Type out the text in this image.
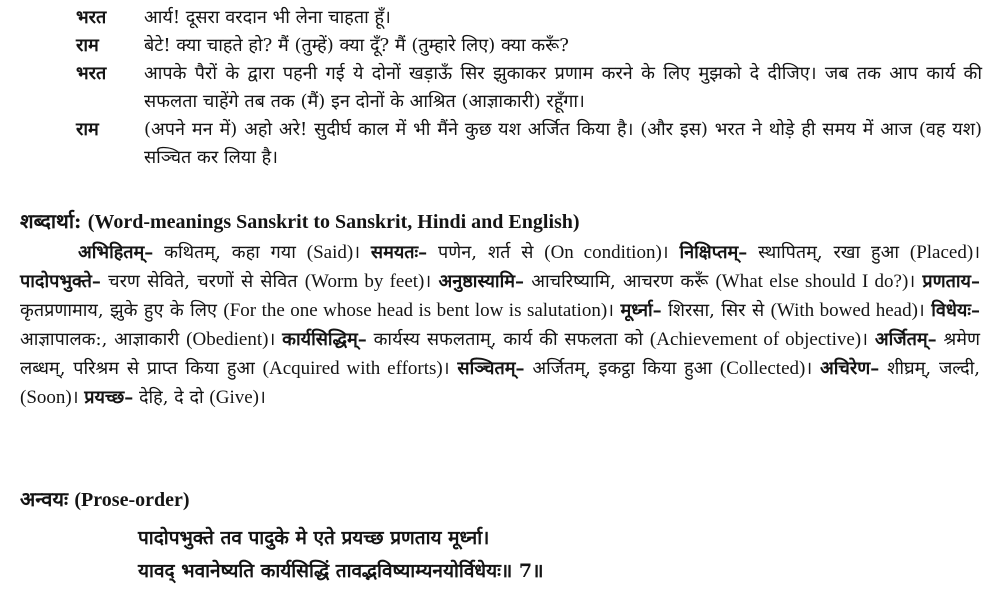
भरत आर्य! दूसरा वरदान भी लेना चाहता हूँ।
राम	बेटे! क्या चाहते हो? मैं (तुम्हें) क्या दूँ? मैं (तुम्हारे लिए) क्या करूँ?
भरत आपके पैरों के द्वारा पहनी गई ये दोनों खड़ाऊँ सिर झुकाकर प्रणाम करने के लिए मुझको दे दीजिए। जब तक आप कार्य की सफलता चाहेंगे तब तक (मैं) इन दोनों के आश्रित (आज्ञाकारी) रहूँगा।
राम	(अपने मन में) अहो अरे! सुदीर्घ काल में भी मैंने कुछ यश अर्जित किया है। (और इस) भरत ने थोड़े ही समय में आज (वह यश) सञ्चित कर लिया है।
शब्दार्था: (Word-meanings Sanskrit to Sanskrit, Hindi and English)
अभिहितम्– कथितम्, कहा गया (Said)। समयतः– पणेन, शर्त से (On condition)। निक्षिप्तम्– स्थापितम्, रखा हुआ (Placed)। पादोपभुक्ते– चरण सेविते, चरणों से सेवित (Worm by feet)। अनुष्ठास्यामि– आचरिष्यामि, आचरण करूँ (What else should I do?)। प्रणताय– कृतप्रणामाय, झुके हुए के लिए (For the one whose head is bent low is salutation)। मूर्ध्ना– शिरसा, सिर से (With bowed head)। विधेयः– आज्ञापालक:, आज्ञाकारी (Obedient)। कार्यसिद्धिम्– कार्यस्य सफलताम्, कार्य की सफलता को (Achievement of objective)। अर्जितम्– श्रमेण लब्धम्, परिश्रम से प्राप्त किया हुआ (Acquired with efforts)। सञ्चितम्– अर्जितम्, इकट्ठा किया हुआ (Collected)। अचिरेण– शीघ्रम्, जल्दी, (Soon)। प्रयच्छ– देहि, दे दो (Give)।
अन्वयः (Prose-order)
पादोपभुक्ते तव पादुके मे एते प्रयच्छ प्रणताय मूर्ध्ना।
यावद् भवानेष्यति कार्यसिद्धिं तावद्भविष्याम्यनयोर्विधेयः॥ 7॥
